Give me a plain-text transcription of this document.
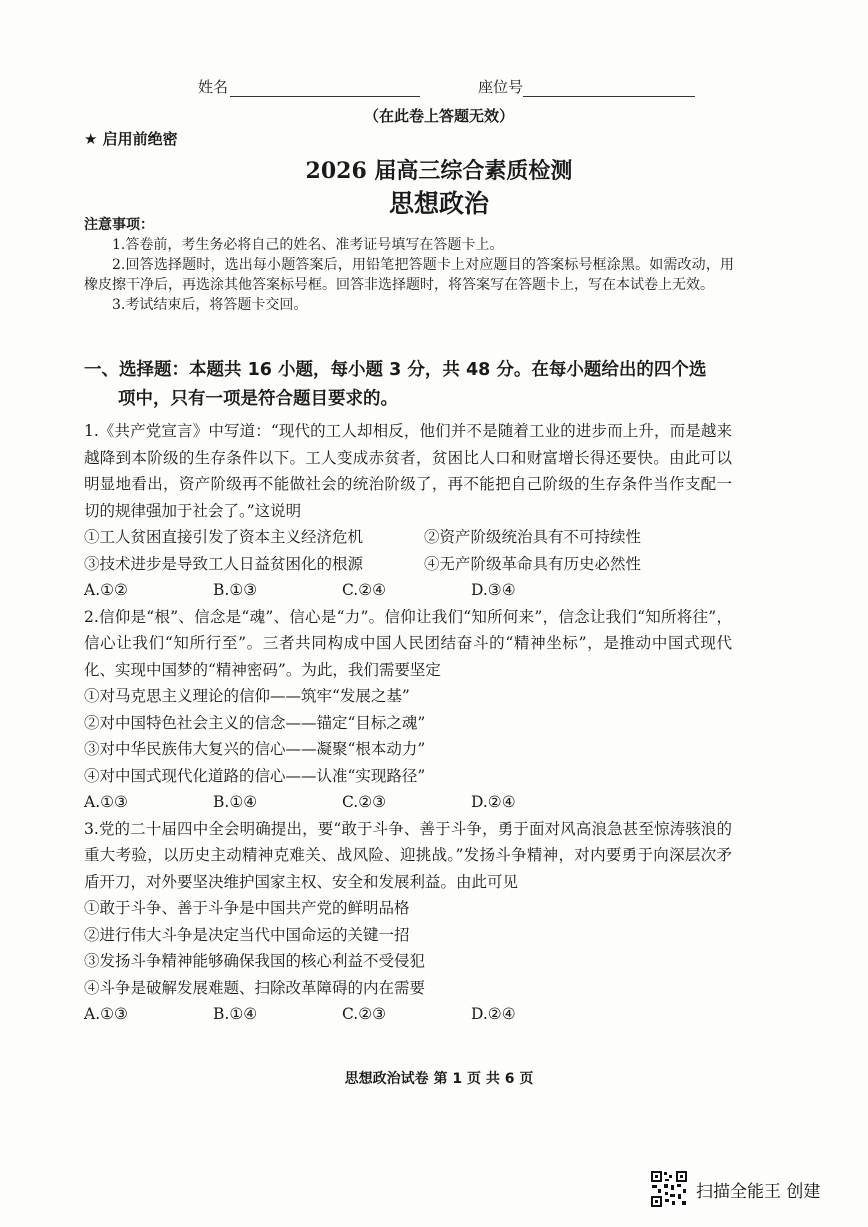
姓名	座位号
（在此卷上答题无效）
★ 启用前绝密
2026 届高三综合素质检测
思想政治
注意事项：

1.答卷前，考生务必将自己的姓名、准考证号填写在答题卡上。

2.回答选择题时，选出每小题答案后，用铅笔把答题卡上对应题目的答案标号框涂黑。如需改动，用橡皮擦干净后，再选涂其他答案标号框。回答非选择题时，将答案写在答题卡上，写在本试卷上无效。

3.考试结束后，将答题卡交回。

一、选择题：本题共 16 小题，每小题 3 分，共 48 分。在每小题给出的四个选
项中，只有一项是符合题目要求的。

1.《共产党宣言》中写道：“现代的工人却相反，他们并不是随着工业的进步而上升，而是越来越降到本阶级的生存条件以下。工人变成赤贫者，贫困比人口和财富增长得还要快。由此可以明显地看出，资产阶级再不能做社会的统治阶级了，再不能把自己阶级的生存条件当作支配一切的规律强加于社会了。”这说明

①工人贫困直接引发了资本主义经济危机	②资产阶级统治具有不可持续性
③技术进步是导致工人日益贫困化的根源	④无产阶级革命具有历史必然性
A.①②	B.①③	C.②④	D.③④

2.信仰是“根”、信念是“魂”、信心是“力”。信仰让我们“知所何来”，信念让我们“知所将往”，信心让我们“知所行至”。三者共同构成中国人民团结奋斗的“精神坐标”，是推动中国式现代化、实现中国梦的“精神密码”。为此，我们需要坚定

①对马克思主义理论的信仰——筑牢“发展之基”

②对中国特色社会主义的信念——锚定“目标之魂”

③对中华民族伟大复兴的信心——凝聚“根本动力”

④对中国式现代化道路的信心——认准“实现路径”

A.①③	B.①④	C.②③	D.②④

3.党的二十届四中全会明确提出，要“敢于斗争、善于斗争，勇于面对风高浪急甚至惊涛骇浪的重大考验，以历史主动精神克难关、战风险、迎挑战。”发扬斗争精神，对内要勇于向深层次矛盾开刀，对外要坚决维护国家主权、安全和发展利益。由此可见

①敢于斗争、善于斗争是中国共产党的鲜明品格

②进行伟大斗争是决定当代中国命运的关键一招

③发扬斗争精神能够确保我国的核心利益不受侵犯

④斗争是破解发展难题、扫除改革障碍的内在需要

A.①③	B.①④	C.②③	D.②④
思想政治试卷 第 1 页 共 6 页
扫描全能王 创建
